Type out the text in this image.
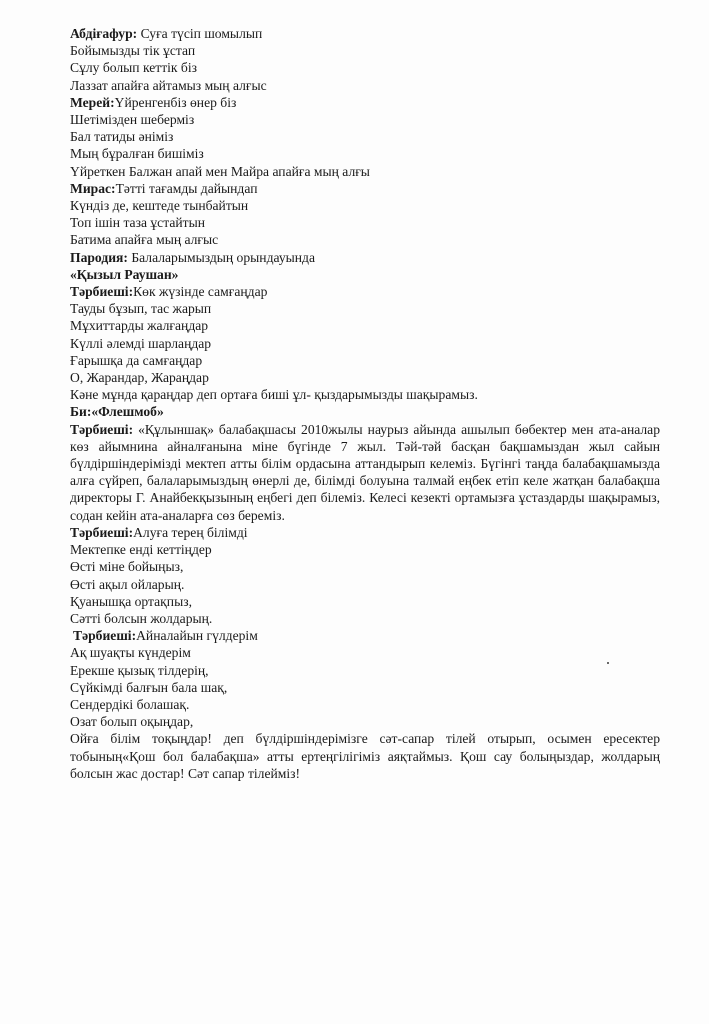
Абдіғафур: Суға түсіп шомылып
Бойымызды тік ұстап
Сұлу болып кеттік біз
Лаззат апайға айтамыз мың алғыс
Мерей:Үйренгенбіз өнер біз
Шетімізден шеберміз
Бал татиды әніміз
Мың бұралған бишіміз
Үйреткен Балжан апай мен Майра апайға мың алғы
Мирас:Тәтті тағамды дайындап
Күндіз де, кештеде тынбайтын
Топ ішін таза ұстайтын
Батима апайға мың алғыс
Пародия: Балаларымыздың орындауында
«Қызыл Раушан»
Тәрбиеші:Көк жүзінде самғаңдар
Тауды бұзып, тас жарып
Мұхиттарды жалғаңдар
Күллі әлемді шарлаңдар
Ғарышқа да самғаңдар
О, Жарандар, Жараңдар
Кәне мұнда қараңдар деп ортаға биші ұл- қыздарымызды шақырамыз.
Би:«Флешмоб»
Тәрбиеші: «Құлыншақ» балабақшасы 2010жылы наурыз айында ашылып бөбектер мен ата-аналар көз айымнина айналғанына міне бүгінде 7 жыл. Тәй-тәй басқан бақшамыздан жыл сайын бүлдіршіндерімізді мектеп атты білім ордасына аттандырып келеміз. Бүгінгі таңда балабақшамызда алға сүйреп, балаларымыздың өнерлі де, білімді болуына талмай еңбек етіп келе жатқан балабақша директоры Г. Анайбекқызының еңбегі деп білеміз. Келесі кезекті ортамызға ұстаздарды шақырамыз, содан кейін ата-аналарға сөз береміз.
Тәрбиеші:Алуға терең білімді
Мектепке енді кеттіңдер
Өсті міне бойыңыз,
Өсті ақыл ойларың.
Қуанышқа ортақпыз,
Сәтті болсын жолдарың.
Тәрбиеші:Айналайын гүлдерім
Ақ шуақты күндерім
Ерекше қызық тілдерің,
Сүйкімді балғын бала шақ,
Сендердікі болашақ.
Озат болып оқыңдар,
Ойға білім тоқыңдар! деп бүлдіршіндерімізге сәт-сапар тілей отырып, осымен ересектер тобының«Қош бол балабақша» атты ертеңгілігіміз аяқтаймыз. Қош сау болыңыздар, жолдарың болсын жас достар! Сәт сапар тілейміз!
